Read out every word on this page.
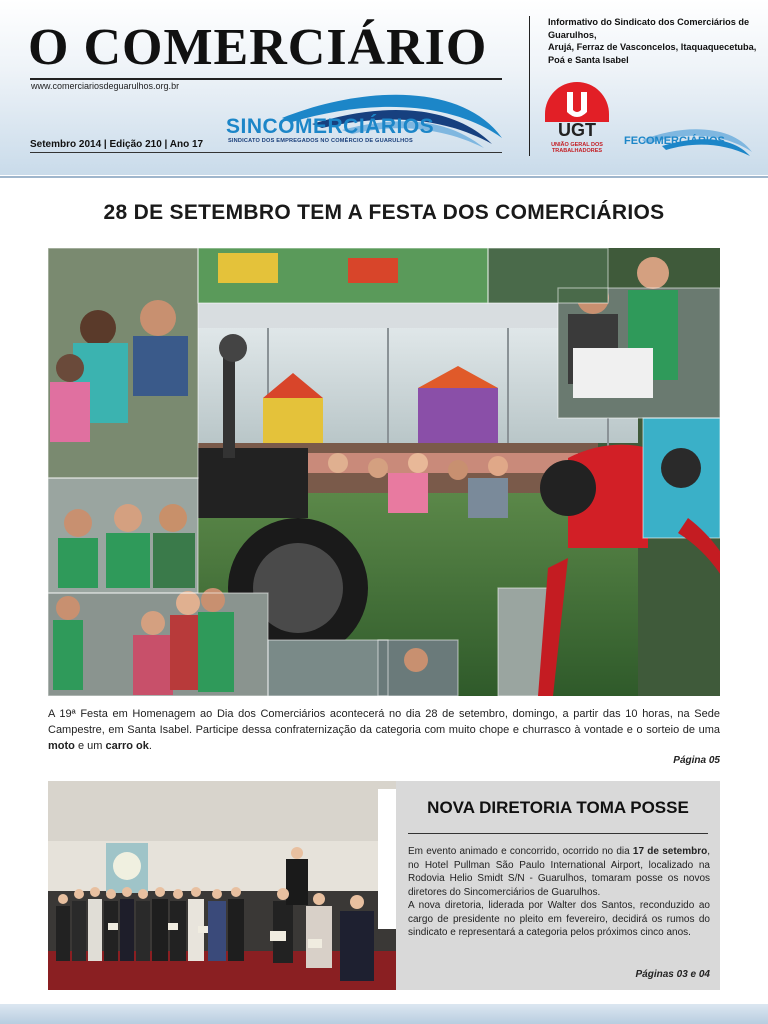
O COMERCIÁRIO
www.comerciariosdeguarulhos.org.br
SINCOMERCIÁRIOS
SINDICATO DOS EMPREGADOS NO COMÉRCIO DE GUARULHOS
Setembro 2014 | Edição 210 | Ano 17
Informativo do Sindicato dos Comerciários de Guarulhos,
Arujá, Ferraz de Vasconcelos, Itaquaquecetuba,
Poá e Santa Isabel
UGT
UNIÃO GERAL DOS TRABALHADORES
FECOMERCIÁRIOS
28 DE SETEMBRO TEM A FESTA DOS COMERCIÁRIOS

A 19ª Festa em Homenagem ao Dia dos Comerciários acontecerá no dia 28 de setembro, domingo, a partir das 10 horas, na Sede Campestre, em Santa Isabel. Participe dessa confraternização da categoria com muito chope e churrasco à vontade e o sorteio de uma moto e um carro ok.
Página 05
NOVA DIRETORIA TOMA POSSE
Em evento animado e concorrido, ocorrido no dia 17 de setembro, no Hotel Pullman São Paulo International Airport, localizado na Rodovia Helio Smidt S/N - Guarulhos, tomaram posse os novos diretores do Sincomerciários de Guarulhos.
A nova diretoria, liderada por Walter dos Santos, reconduzido ao cargo de presidente no pleito em fevereiro, decidirá os rumos do sindicato e representará a categoria pelos próximos cinco anos.
Páginas 03 e 04
